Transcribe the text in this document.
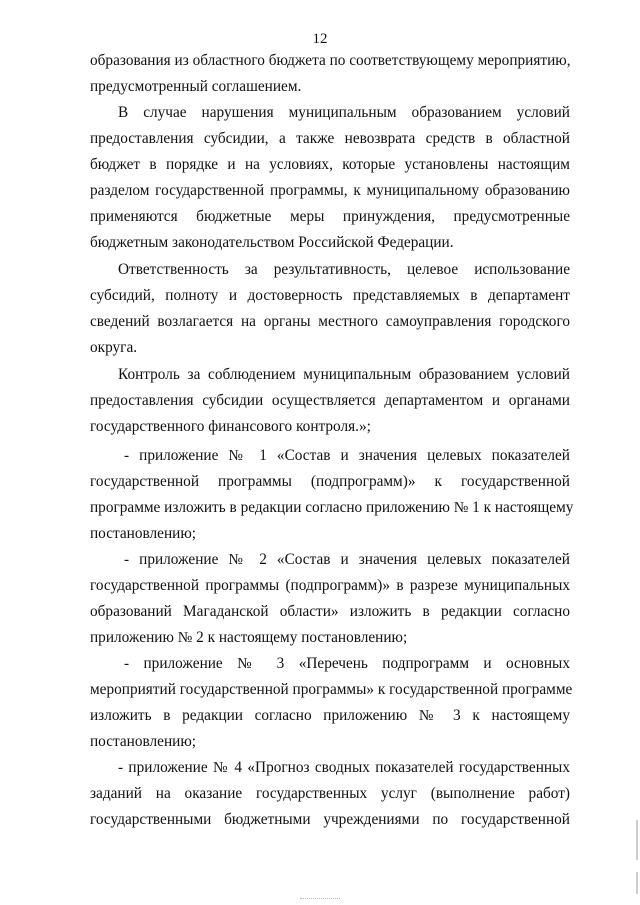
12
образования из областного бюджета по соответствующему мероприятию,
предусмотренный соглашением.
В случае нарушения муниципальным образованием условий
предоставления субсидии, а также невозврата средств в областной
бюджет в порядке и на условиях, которые установлены настоящим
разделом государственной программы, к муниципальному образованию
применяются бюджетные меры принуждения, предусмотренные
бюджетным законодательством Российской Федерации.
Ответственность за результативность, целевое использование
субсидий, полноту и достоверность представляемых в департамент
сведений возлагается на органы местного самоуправления городского
округа.
Контроль за соблюдением муниципальным образованием условий
предоставления субсидии осуществляется департаментом и органами
государственного финансового контроля.»;
- приложение № 1 «Состав и значения целевых показателей
государственной программы (подпрограмм)» к государственной
программе изложить в редакции согласно приложению № 1 к настоящему
постановлению;
- приложение № 2 «Состав и значения целевых показателей
государственной программы (подпрограмм)» в разрезе муниципальных
образований Магаданской области» изложить в редакции согласно
приложению № 2 к настоящему постановлению;
- приложение № 3 «Перечень подпрограмм и основных
мероприятий государственной программы» к государственной программе
изложить в редакции согласно приложению № 3 к настоящему
постановлению;
- приложение № 4 «Прогноз сводных показателей государственных
заданий на оказание государственных услуг (выполнение работ)
государственными бюджетными учреждениями по государственной
